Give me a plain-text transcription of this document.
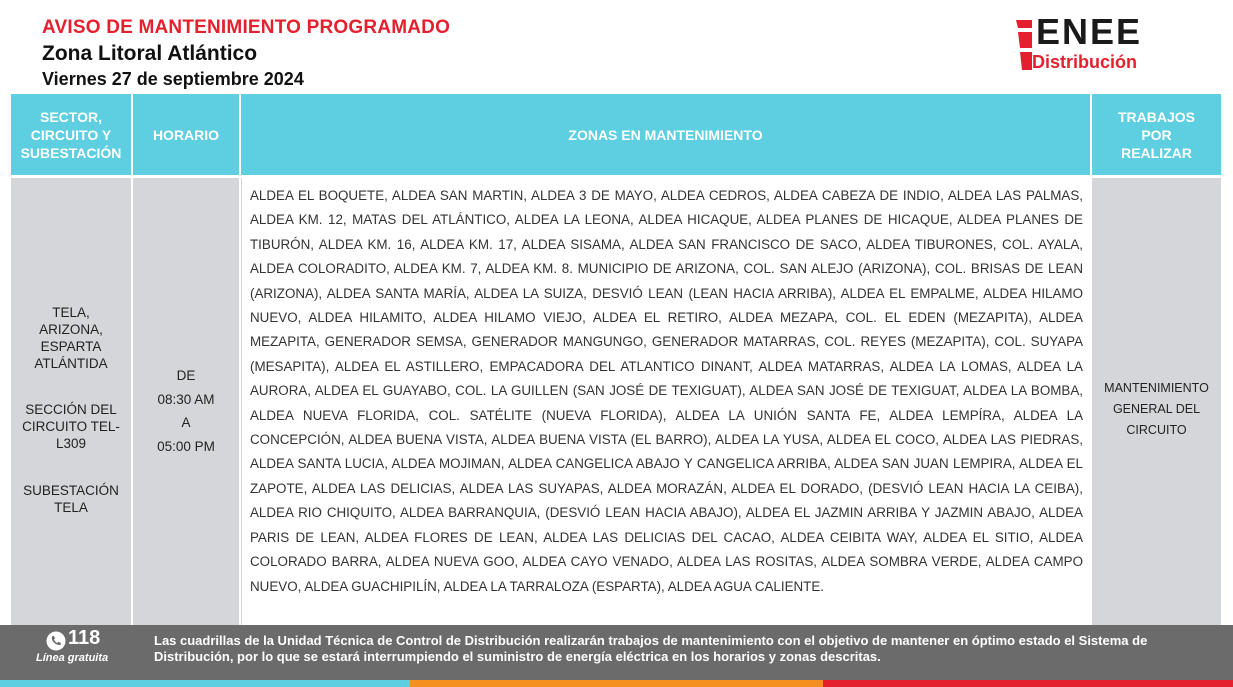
AVISO DE MANTENIMIENTO PROGRAMADO
Zona Litoral Atlántico
Viernes 27 de septiembre 2024
ENEE
Distribución
SECTOR, CIRCUITO Y SUBESTACIÓN
HORARIO	ZONAS EN MANTENIMIENTO
TRABAJOS POR REALIZAR
TELA, ARIZONA, ESPARTA ATLÁNTIDA
SECCIÓN DEL CIRCUITO TEL-L309
SUBESTACIÓN TELA
DE
08:30 AM
A
05:00 PM
ALDEA EL BOQUETE, ALDEA SAN MARTIN, ALDEA 3 DE MAYO, ALDEA CEDROS, ALDEA CABEZA DE INDIO, ALDEA LAS PALMAS, ALDEA KM. 12, MATAS DEL ATLÁNTICO, ALDEA LA LEONA, ALDEA HICAQUE, ALDEA PLANES DE HICAQUE, ALDEA PLANES DE TIBURÓN, ALDEA KM. 16, ALDEA KM. 17, ALDEA SISAMA, ALDEA SAN FRANCISCO DE SACO, ALDEA TIBURONES, COL. AYALA, ALDEA COLORADITO, ALDEA KM. 7, ALDEA KM. 8. MUNICIPIO DE ARIZONA, COL. SAN ALEJO (ARIZONA), COL. BRISAS DE LEAN (ARIZONA), ALDEA SANTA MARÍA, ALDEA LA SUIZA, DESVIÓ LEAN (LEAN HACIA ARRIBA), ALDEA EL EMPALME, ALDEA HILAMO NUEVO, ALDEA HILAMITO, ALDEA HILAMO VIEJO, ALDEA EL RETIRO, ALDEA MEZAPA, COL. EL EDEN (MEZAPITA), ALDEA MEZAPITA, GENERADOR SEMSA, GENERADOR MANGUNGO, GENERADOR MATARRAS, COL. REYES (MEZAPITA), COL. SUYAPA (MESAPITA), ALDEA EL ASTILLERO, EMPACADORA DEL ATLANTICO DINANT, ALDEA MATARRAS, ALDEA LA LOMAS, ALDEA LA AURORA, ALDEA EL GUAYABO, COL. LA GUILLEN (SAN JOSÉ DE TEXIGUAT), ALDEA SAN JOSÉ DE TEXIGUAT, ALDEA LA BOMBA, ALDEA NUEVA FLORIDA, COL. SATÉLITE (NUEVA FLORIDA), ALDEA LA UNIÓN SANTA FE, ALDEA LEMPÍRA, ALDEA LA CONCEPCIÓN, ALDEA BUENA VISTA, ALDEA BUENA VISTA (EL BARRO), ALDEA LA YUSA, ALDEA EL COCO, ALDEA LAS PIEDRAS, ALDEA SANTA LUCIA, ALDEA MOJIMAN, ALDEA CANGELICA ABAJO Y CANGELICA ARRIBA, ALDEA SAN JUAN LEMPIRA, ALDEA EL ZAPOTE, ALDEA LAS DELICIAS, ALDEA LAS SUYAPAS, ALDEA MORAZÁN, ALDEA EL DORADO, (DESVIÓ LEAN HACIA LA CEIBA), ALDEA RIO CHIQUITO, ALDEA BARRANQUIA, (DESVIÓ LEAN HACIA ABAJO), ALDEA EL JAZMIN ARRIBA Y JAZMIN ABAJO, ALDEA PARIS DE LEAN, ALDEA FLORES DE LEAN, ALDEA LAS DELICIAS DEL CACAO, ALDEA CEIBITA WAY, ALDEA EL SITIO, ALDEA COLORADO BARRA, ALDEA NUEVA GOO, ALDEA CAYO VENADO, ALDEA LAS ROSITAS, ALDEA SOMBRA VERDE, ALDEA CAMPO NUEVO, ALDEA GUACHIPILÍN, ALDEA LA TARRALOZA (ESPARTA), ALDEA AGUA CALIENTE.
MANTENIMIENTO GENERAL DEL CIRCUITO
118
Línea gratuita
Las cuadrillas de la Unidad Técnica de Control de Distribución realizarán trabajos de mantenimiento con el objetivo de mantener en óptimo estado el Sistema de Distribución, por lo que se estará interrumpiendo el suministro de energía eléctrica en los horarios y zonas descritas.
